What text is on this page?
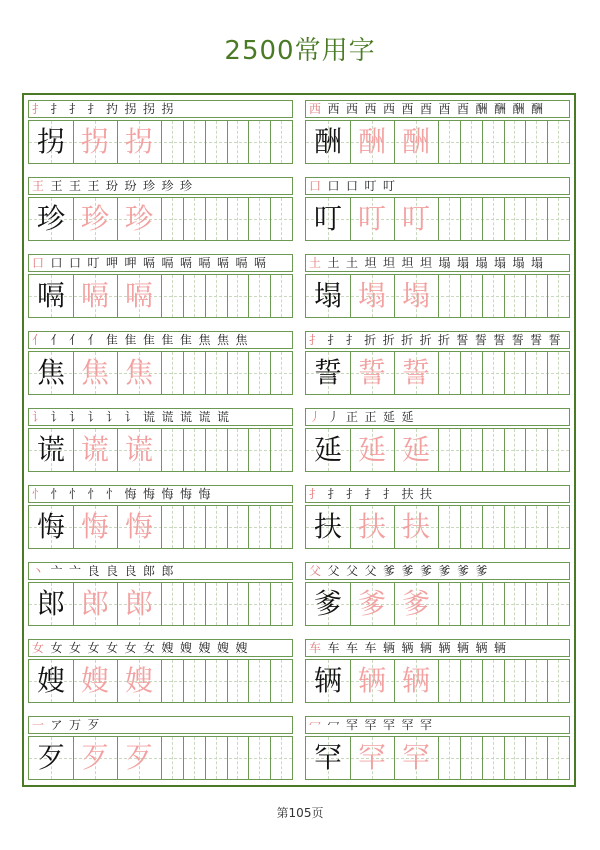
2500常用字
扌 扌 扌 扌 扚 拐 拐 拐
拐 拐 拐
王 王 王 王 玢 玢 珍 珍 珍
珍 珍 珍
口 口 口 叮 呷 呷 嗝 嗝 嗝 嗝 嗝 嗝 嗝
嗝 嗝 嗝
亻 亻 亻 亻 隹 隹 隹 隹 隹 焦 焦 焦
焦 焦 焦
讠 讠 讠 讠 讠 讠 谎 谎 谎 谎 谎
谎 谎 谎
忄 忄 忄 忄 忄 悔 悔 悔 悔 悔
悔 悔 悔
丶 亠 亠 良 良 良 郎 郎
郎 郎 郎
女 女 女 女 女 女 女 嫂 嫂 嫂 嫂 嫂
嫂 嫂 嫂
一 ア 万 歹
歹 歹 歹
西 西 西 西 西 酉 酉 酉 酉 酬 酬 酬 酬
酬 酬 酬
口 口 口 叮 叮
叮 叮 叮
土 土 土 坦 坦 坦 坦 塌 塌 塌 塌 塌 塌
塌 塌 塌
扌 扌 扌 折 折 折 折 折 誓 誓 誓 誓 誓 誓
誓 誓 誓
丿 丿 正 正 延 延
延 延 延
扌 扌 扌 扌 扌 扶 扶
扶 扶 扶
父 父 父 父 爹 爹 爹 爹 爹 爹
爹 爹 爹
车 车 车 车 辆 辆 辆 辆 辆 辆 辆
辆 辆 辆
冖 冖 罕 罕 罕 罕 罕
罕 罕 罕
第105页
